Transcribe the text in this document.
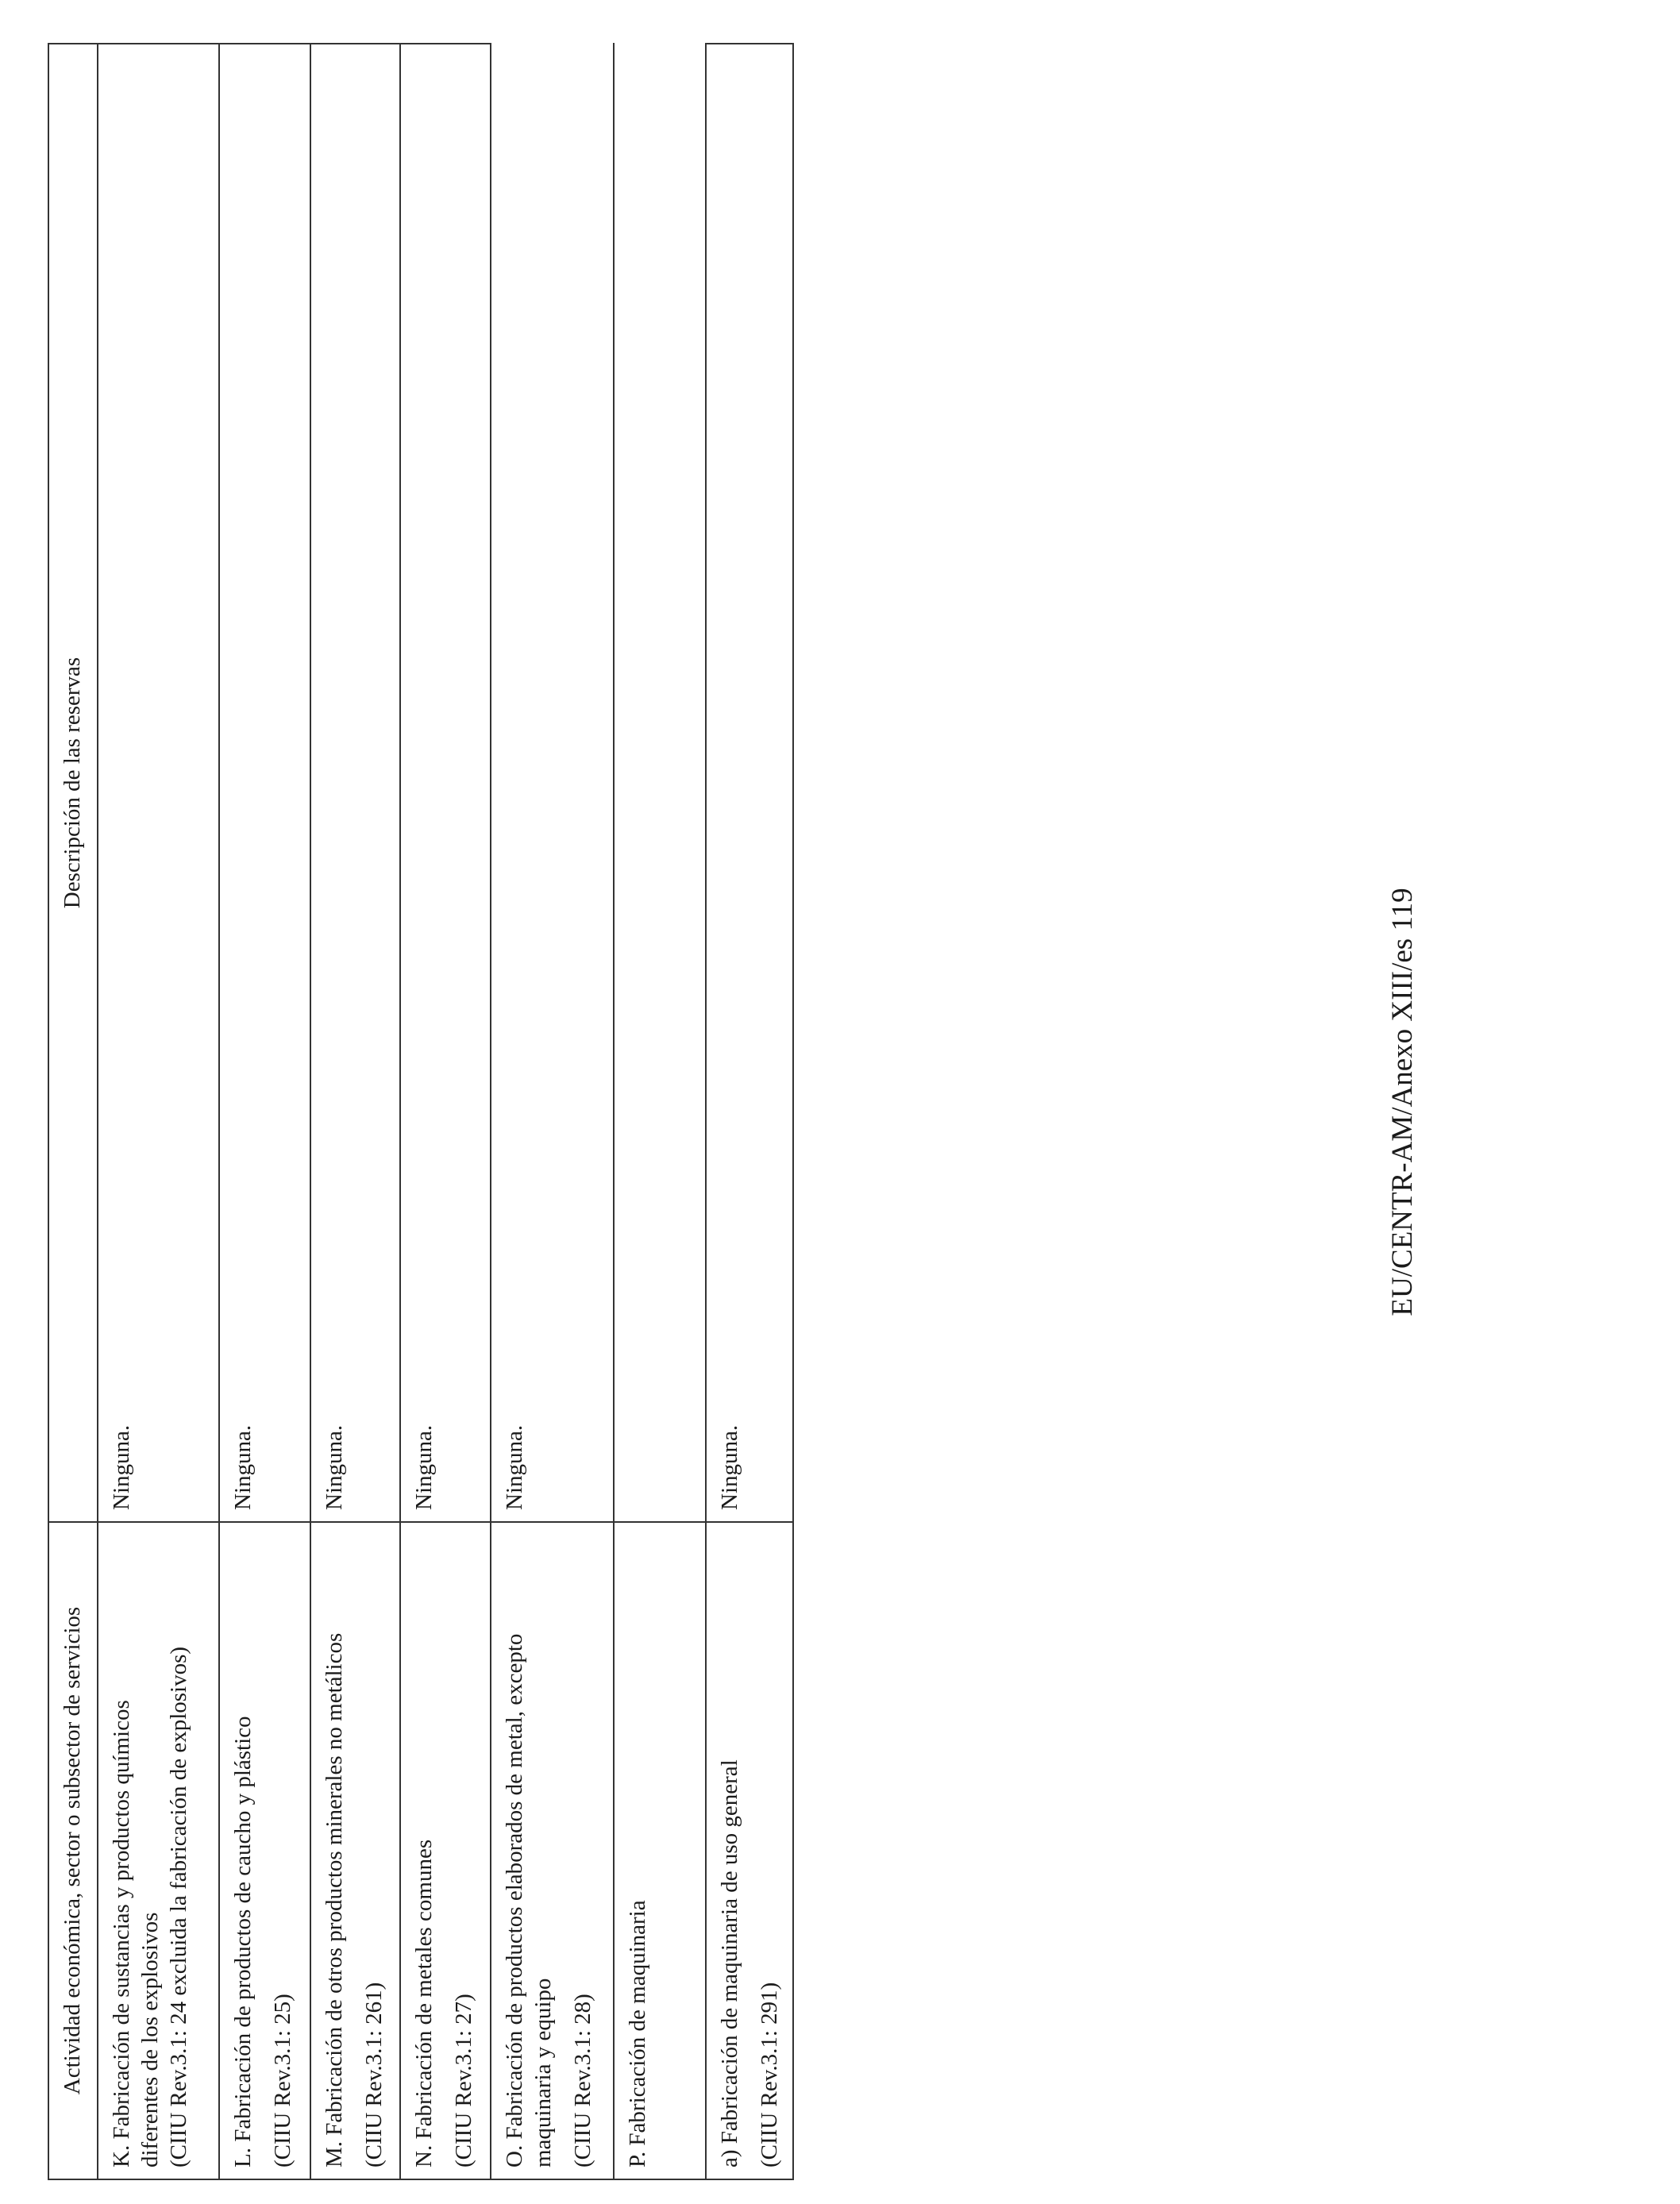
Actividad económica, sector o subsector de servicios	Descripción de las reservas

K. Fabricación de sustancias y productos químicos diferentes de los explosivos (CIIU Rev.3.1: 24 excluida la fabricación de explosivos)	Ninguna.

L. Fabricación de productos de caucho y plástico (CIIU Rev.3.1: 25)	Ninguna.

M. Fabricación de otros productos minerales no metálicos (CIIU Rev.3.1: 261)	Ninguna.

N. Fabricación de metales comunes (CIIU Rev.3.1: 27)	Ninguna.

O. Fabricación de productos elaborados de metal, excepto maquinaria y equipo (CIIU Rev.3.1: 28)	Ninguna.

P. Fabricación de maquinaria	

a) Fabricación de maquinaria de uso general (CIIU Rev.3.1: 291)	Ninguna.
EU/CENTR-AM/Anexo XIII/es 119
